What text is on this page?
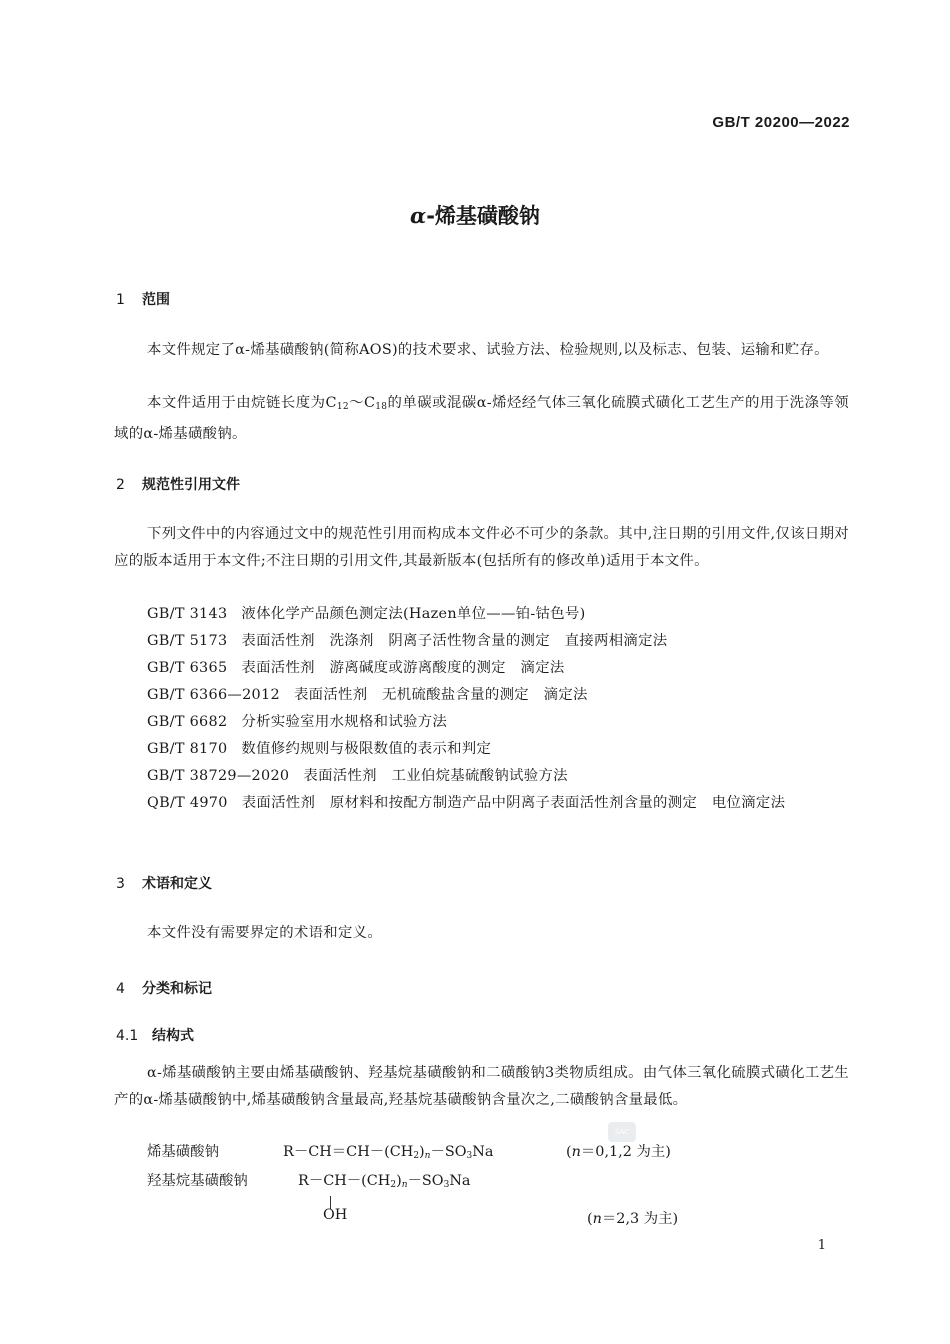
GB/T 20200—2022
α-烯基磺酸钠
1 范围
本文件规定了α-烯基磺酸钠(简称AOS)的技术要求、试验方法、检验规则,以及标志、包装、运输和贮存。
本文件适用于由烷链长度为$C_{12}\sim C_{18}$的单碳或混碳α-烯烃经气体三氧化硫膜式磺化工艺生产的用于洗涤等领域的α-烯基磺酸钠。
2 规范性引用文件
下列文件中的内容通过文中的规范性引用而构成本文件必不可少的条款。其中,注日期的引用文件,仅该日期对应的版本适用于本文件;不注日期的引用文件,其最新版本(包括所有的修改单)适用于本文件。
GB/T 3143 液体化学产品颜色测定法(Hazen单位——铂-钴色号)
GB/T 5173 表面活性剂　洗涤剂　阴离子活性物含量的测定　直接两相滴定法
GB/T 6365 表面活性剂　游离碱度或游离酸度的测定　滴定法
GB/T 6366—2012 表面活性剂　无机硫酸盐含量的测定　滴定法
GB/T 6682 分析实验室用水规格和试验方法
GB/T 8170 数值修约规则与极限数值的表示和判定
GB/T 38729—2020 表面活性剂　工业伯烷基硫酸钠试验方法
QB/T 4970 表面活性剂　原材料和按配方制造产品中阴离子表面活性剂含量的测定　电位滴定法
3 术语和定义
本文件没有需要界定的术语和定义。
4 分类和标记
4.1 结构式
α-烯基磺酸钠主要由烯基磺酸钠、羟基烷基磺酸钠和二磺酸钠3类物质组成。由气体三氧化硫膜式磺化工艺生产的α-烯基磺酸钠中,烯基磺酸钠含量最高,羟基烷基磺酸钠含量次之,二磺酸钠含量最低。
SAC
烯基磺酸钠	$R-CH=CH-(CH_2)_n-SO_3Na$	(n＝0,1,2 为主)
羟基烷基磺酸钠	$R-CH-(CH_2)_n-SO_3Na$
OH	(n＝2,3 为主)
1
